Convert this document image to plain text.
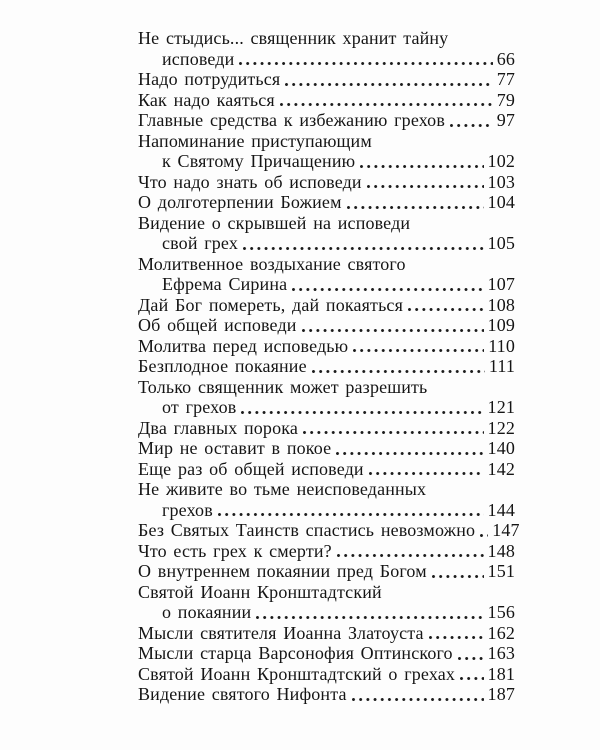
Не стыдись... священник хранит тайну
исповеди	66
Надо потрудиться	77
Как надо каяться	79
Главные средства к избежанию грехов	97
Напоминание приступающим
к Святому Причащению	102
Что надо знать об исповеди	103
О долготерпении Божием	104
Видение о скрывшей на исповеди
свой грех	105
Молитвенное воздыхание святого
Ефрема Сирина	107
Дай Бог помереть, дай покаяться	108
Об общей исповеди	109
Молитва перед исповедью	110
Безплодное покаяние	111
Только священник может разрешить
от грехов	121
Два главных порока	122
Мир не оставит в покое	140
Еще раз об общей исповеди	142
Не живите во тьме неисповеданных
грехов	144
Без Святых Таинств спастись невозможно 147
Что есть грех к смерти?	148
О внутреннем покаянии пред Богом	151
Святой Иоанн Кронштадтский
о покаянии	156
Мысли святителя Иоанна Златоуста	162
Мысли старца Варсонофия Оптинского 163
Святой Иоанн Кронштадтский о грехах 181
Видение святого Нифонта	187
